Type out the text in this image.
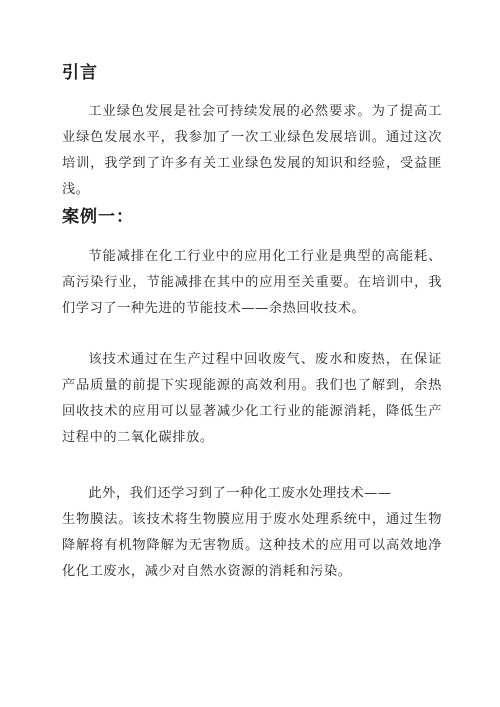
引言

工业绿色发展是社会可持续发展的必然要求。为了提高工业绿色发展水平，我参加了一次工业绿色发展培训。通过这次培训，我学到了许多有关工业绿色发展的知识和经验，受益匪浅。

案例一：

节能减排在化工行业中的应用化工行业是典型的高能耗、高污染行业，节能减排在其中的应用至关重要。在培训中，我们学习了一种先进的节能技术——余热回收技术。

该技术通过在生产过程中回收废气、废水和废热，在保证产品质量的前提下实现能源的高效利用。我们也了解到，余热回收技术的应用可以显著减少化工行业的能源消耗，降低生产过程中的二氧化碳排放。

此外，我们还学习到了一种化工废水处理技术——

生物膜法。该技术将生物膜应用于废水处理系统中，通过生物降解将有机物降解为无害物质。这种技术的应用可以高效地净化化工废水，减少对自然水资源的消耗和污染。
